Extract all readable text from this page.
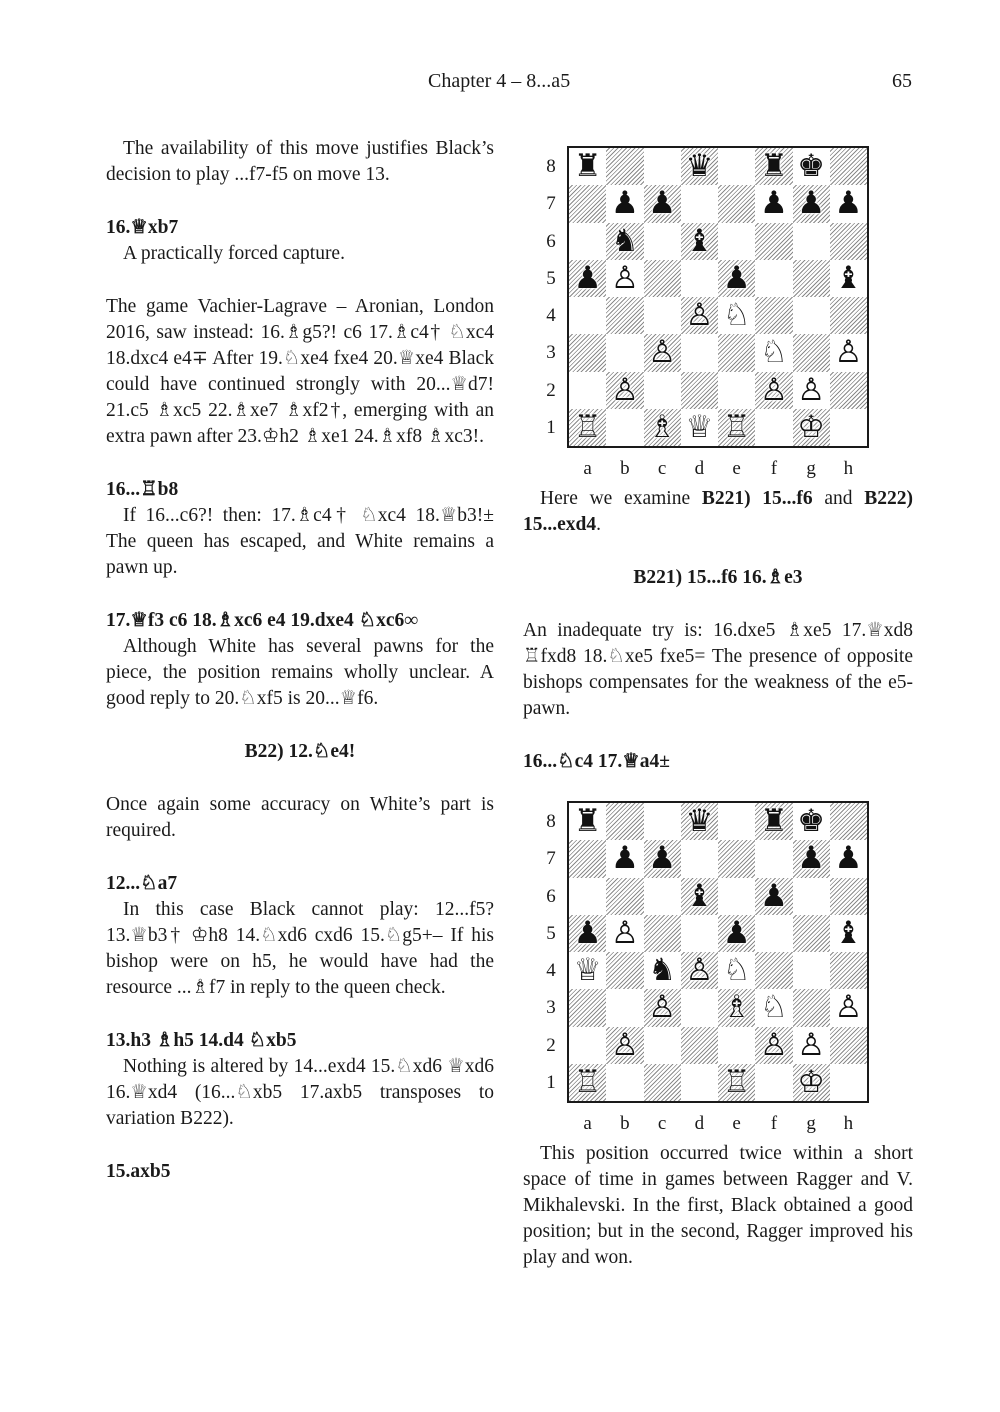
Chapter 4 – 8...a5	65

The availability of this move justifies Black’s decision to play ...f7-f5 on move 13.

16.♕xb7

A practically forced capture.

The game Vachier-Lagrave – Aronian, London 2016, saw instead: 16.♗g5?! c6 17.♗c4† ♘xc4 18.dxc4 e4∓ After 19.♘xe4 fxe4 20.♕xe4 Black could have continued strongly with 20...♕d7! 21.c5 ♗xc5 22.♗xe7 ♗xf2†, emerging with an extra pawn after 23.♔h2 ♗xe1 24.♗xf8 ♗xc3!.

16...♖b8

If 16...c6?! then: 17.♗c4† ♘xc4 18.♕b3!± The queen has escaped, and White remains a pawn up.

17.♕f3 c6 18.♗xc6 e4 19.dxe4 ♘xc6∞

Although White has several pawns for the piece, the position remains wholly unclear. A good reply to 20.♘xf5 is 20...♕f6.

B22) 12.♘e4!

Once again some accuracy on White’s part is required.

12...♘a7

In this case Black cannot play: 12...f5? 13.♕b3† ♔h8 14.♘xd6 cxd6 15.♘g5+– If his bishop were on h5, he would have had the resource ...♗f7 in reply to the queen check.

13.h3 ♗h5 14.d4 ♘xb5

Nothing is altered by 14...exd4 15.♘xd6 ♕xd6 16.♕xd4 (16...♘xb5 17.axb5 transposes to variation B222).

15.axb5

8
7
6
5
4
3
2
1
♜	♛ ♜ ♚
♟ ♟	♟ ♟ ♟
♞ ♝
♟ ♙	♟	♝
♙ ♘
♙	♘ ♙
♙	♙ ♙
♖ ♗ ♕ ♖ ♔
a	b	c	d	e	f	g	h

Here we examine B221) 15...f6 and B222) 15...exd4.

B221) 15...f6 16.♗e3

An inadequate try is: 16.dxe5 ♗xe5 17.♕xd8 ♖fxd8 18.♘xe5 fxe5= The presence of opposite bishops compensates for the weakness of the e5-pawn.

16...♘c4 17.♕a4±

8
7
6
5
4
3
2
1
♜	♛ ♜ ♚
♟ ♟	♟ ♟
♝ ♟
♟ ♙	♟	♝
♕ ♞ ♙ ♘
♙ ♗ ♘ ♙
♙	♙ ♙
♖	♖ ♔
a	b	c	d	e	f	g	h

This position occurred twice within a short space of time in games between Ragger and V. Mikhalevski. In the first, Black obtained a good position; but in the second, Ragger improved his play and won.
